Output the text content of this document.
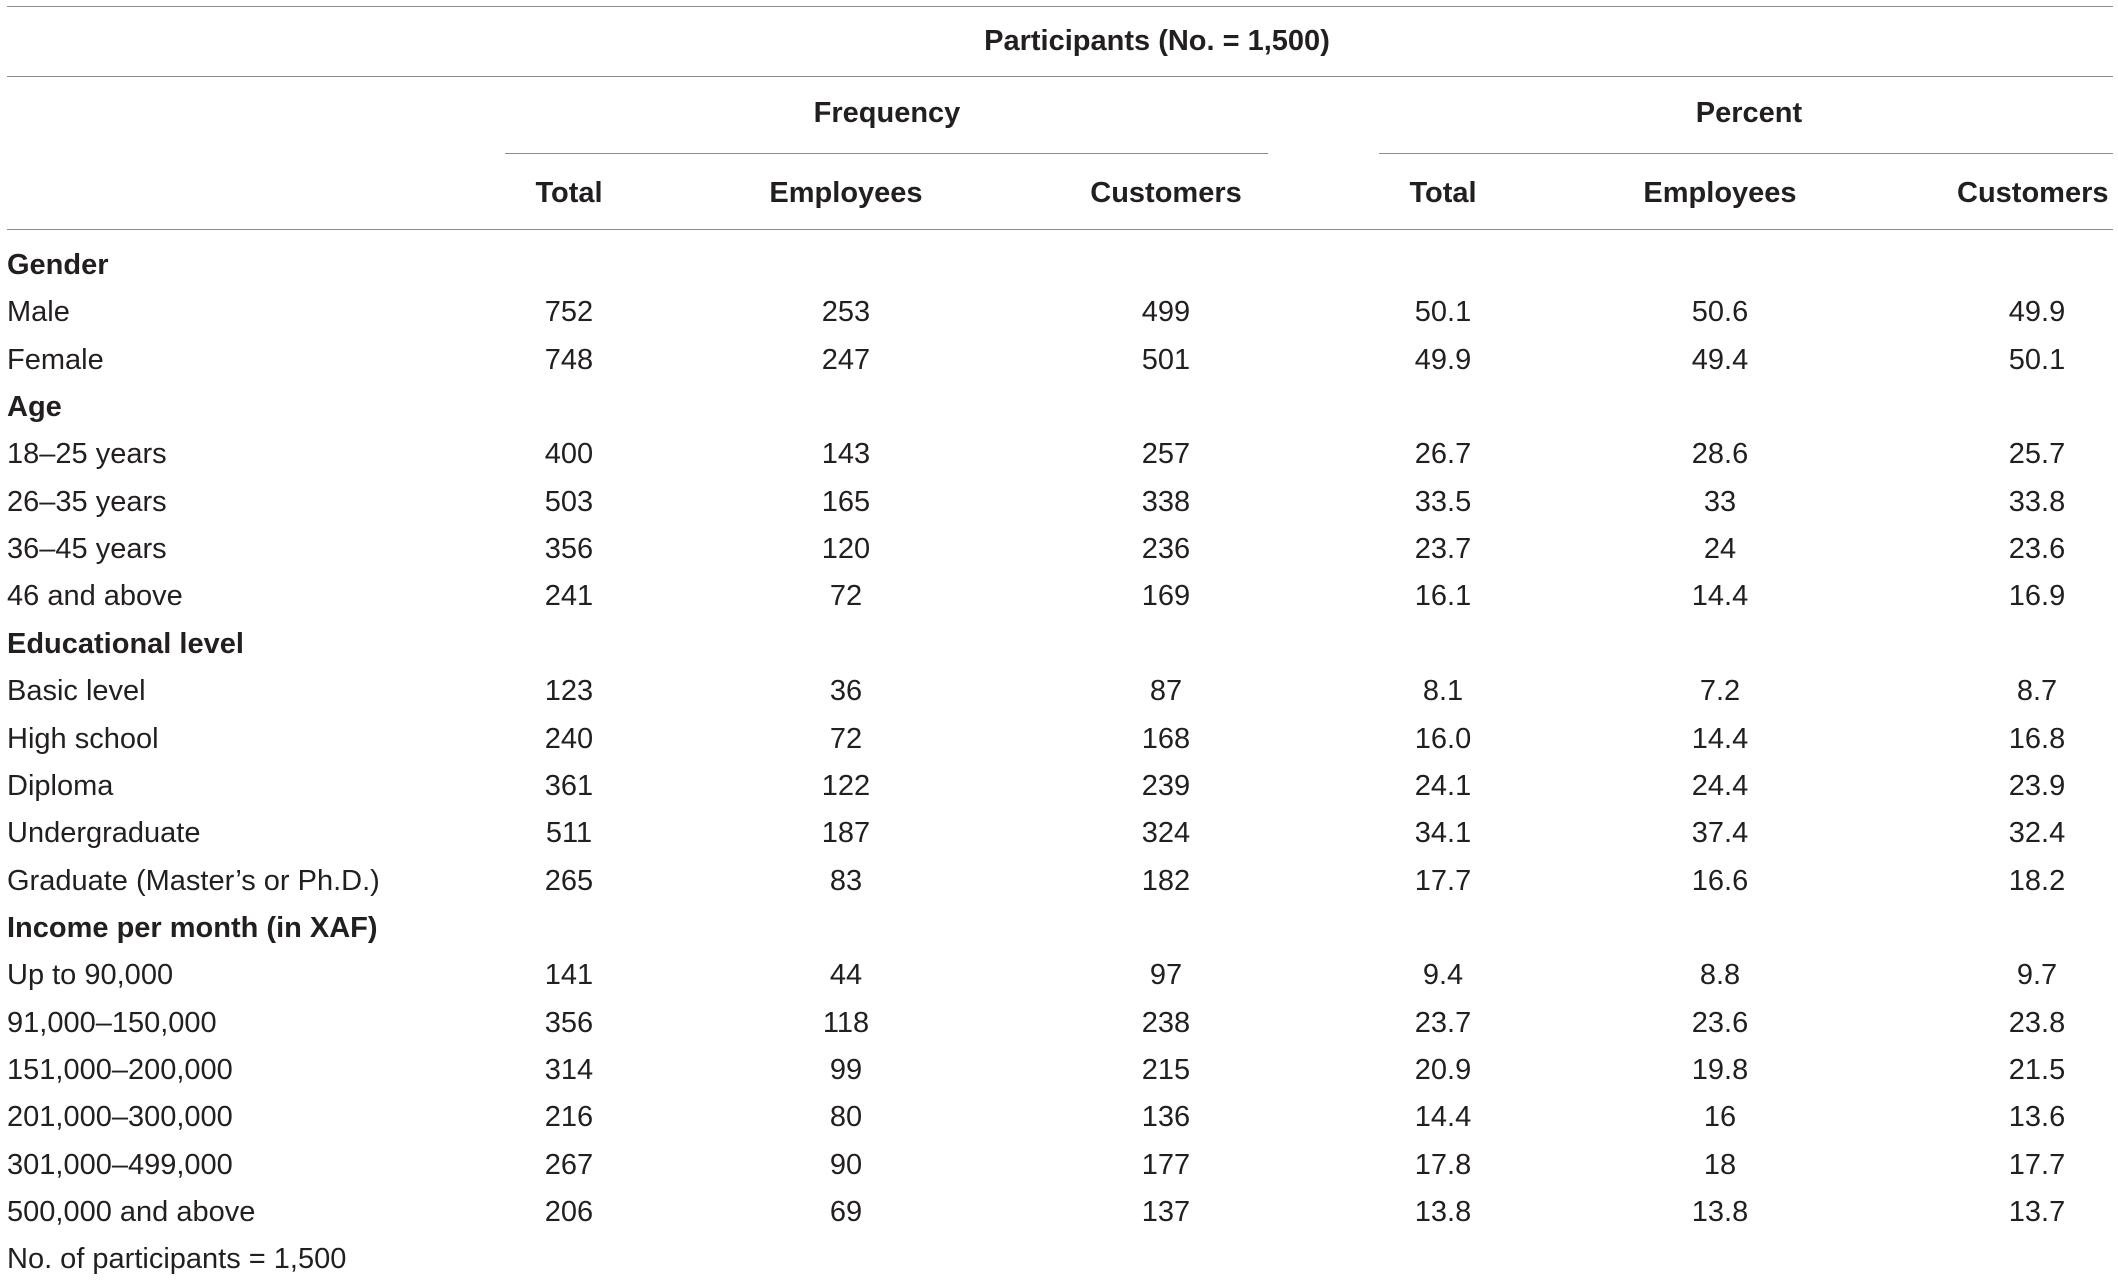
Participants (No. = 1,500)
Frequency	Percent
Total	Employees	Customers	Total	Employees	Customers
Gender
Male	752	253	499	50.1	50.6	49.9
Female	748	247	501	49.9	49.4	50.1
Age
18–25 years	400	143	257	26.7	28.6	25.7
26–35 years	503	165	338	33.5	33	33.8
36–45 years	356	120	236	23.7	24	23.6
46 and above	241	72	169	16.1	14.4	16.9
Educational level
Basic level	123	36	87	8.1	7.2	8.7
High school	240	72	168	16.0	14.4	16.8
Diploma	361	122	239	24.1	24.4	23.9
Undergraduate	511	187	324	34.1	37.4	32.4
Graduate (Master’s or Ph.D.)	265	83	182	17.7	16.6	18.2
Income per month (in XAF)
Up to 90,000	141	44	97	9.4	8.8	9.7
91,000–150,000	356	118	238	23.7	23.6	23.8
151,000–200,000	314	99	215	20.9	19.8	21.5
201,000–300,000	216	80	136	14.4	16	13.6
301,000–499,000	267	90	177	17.8	18	17.7
500,000 and above	206	69	137	13.8	13.8	13.7
No. of participants = 1,500
